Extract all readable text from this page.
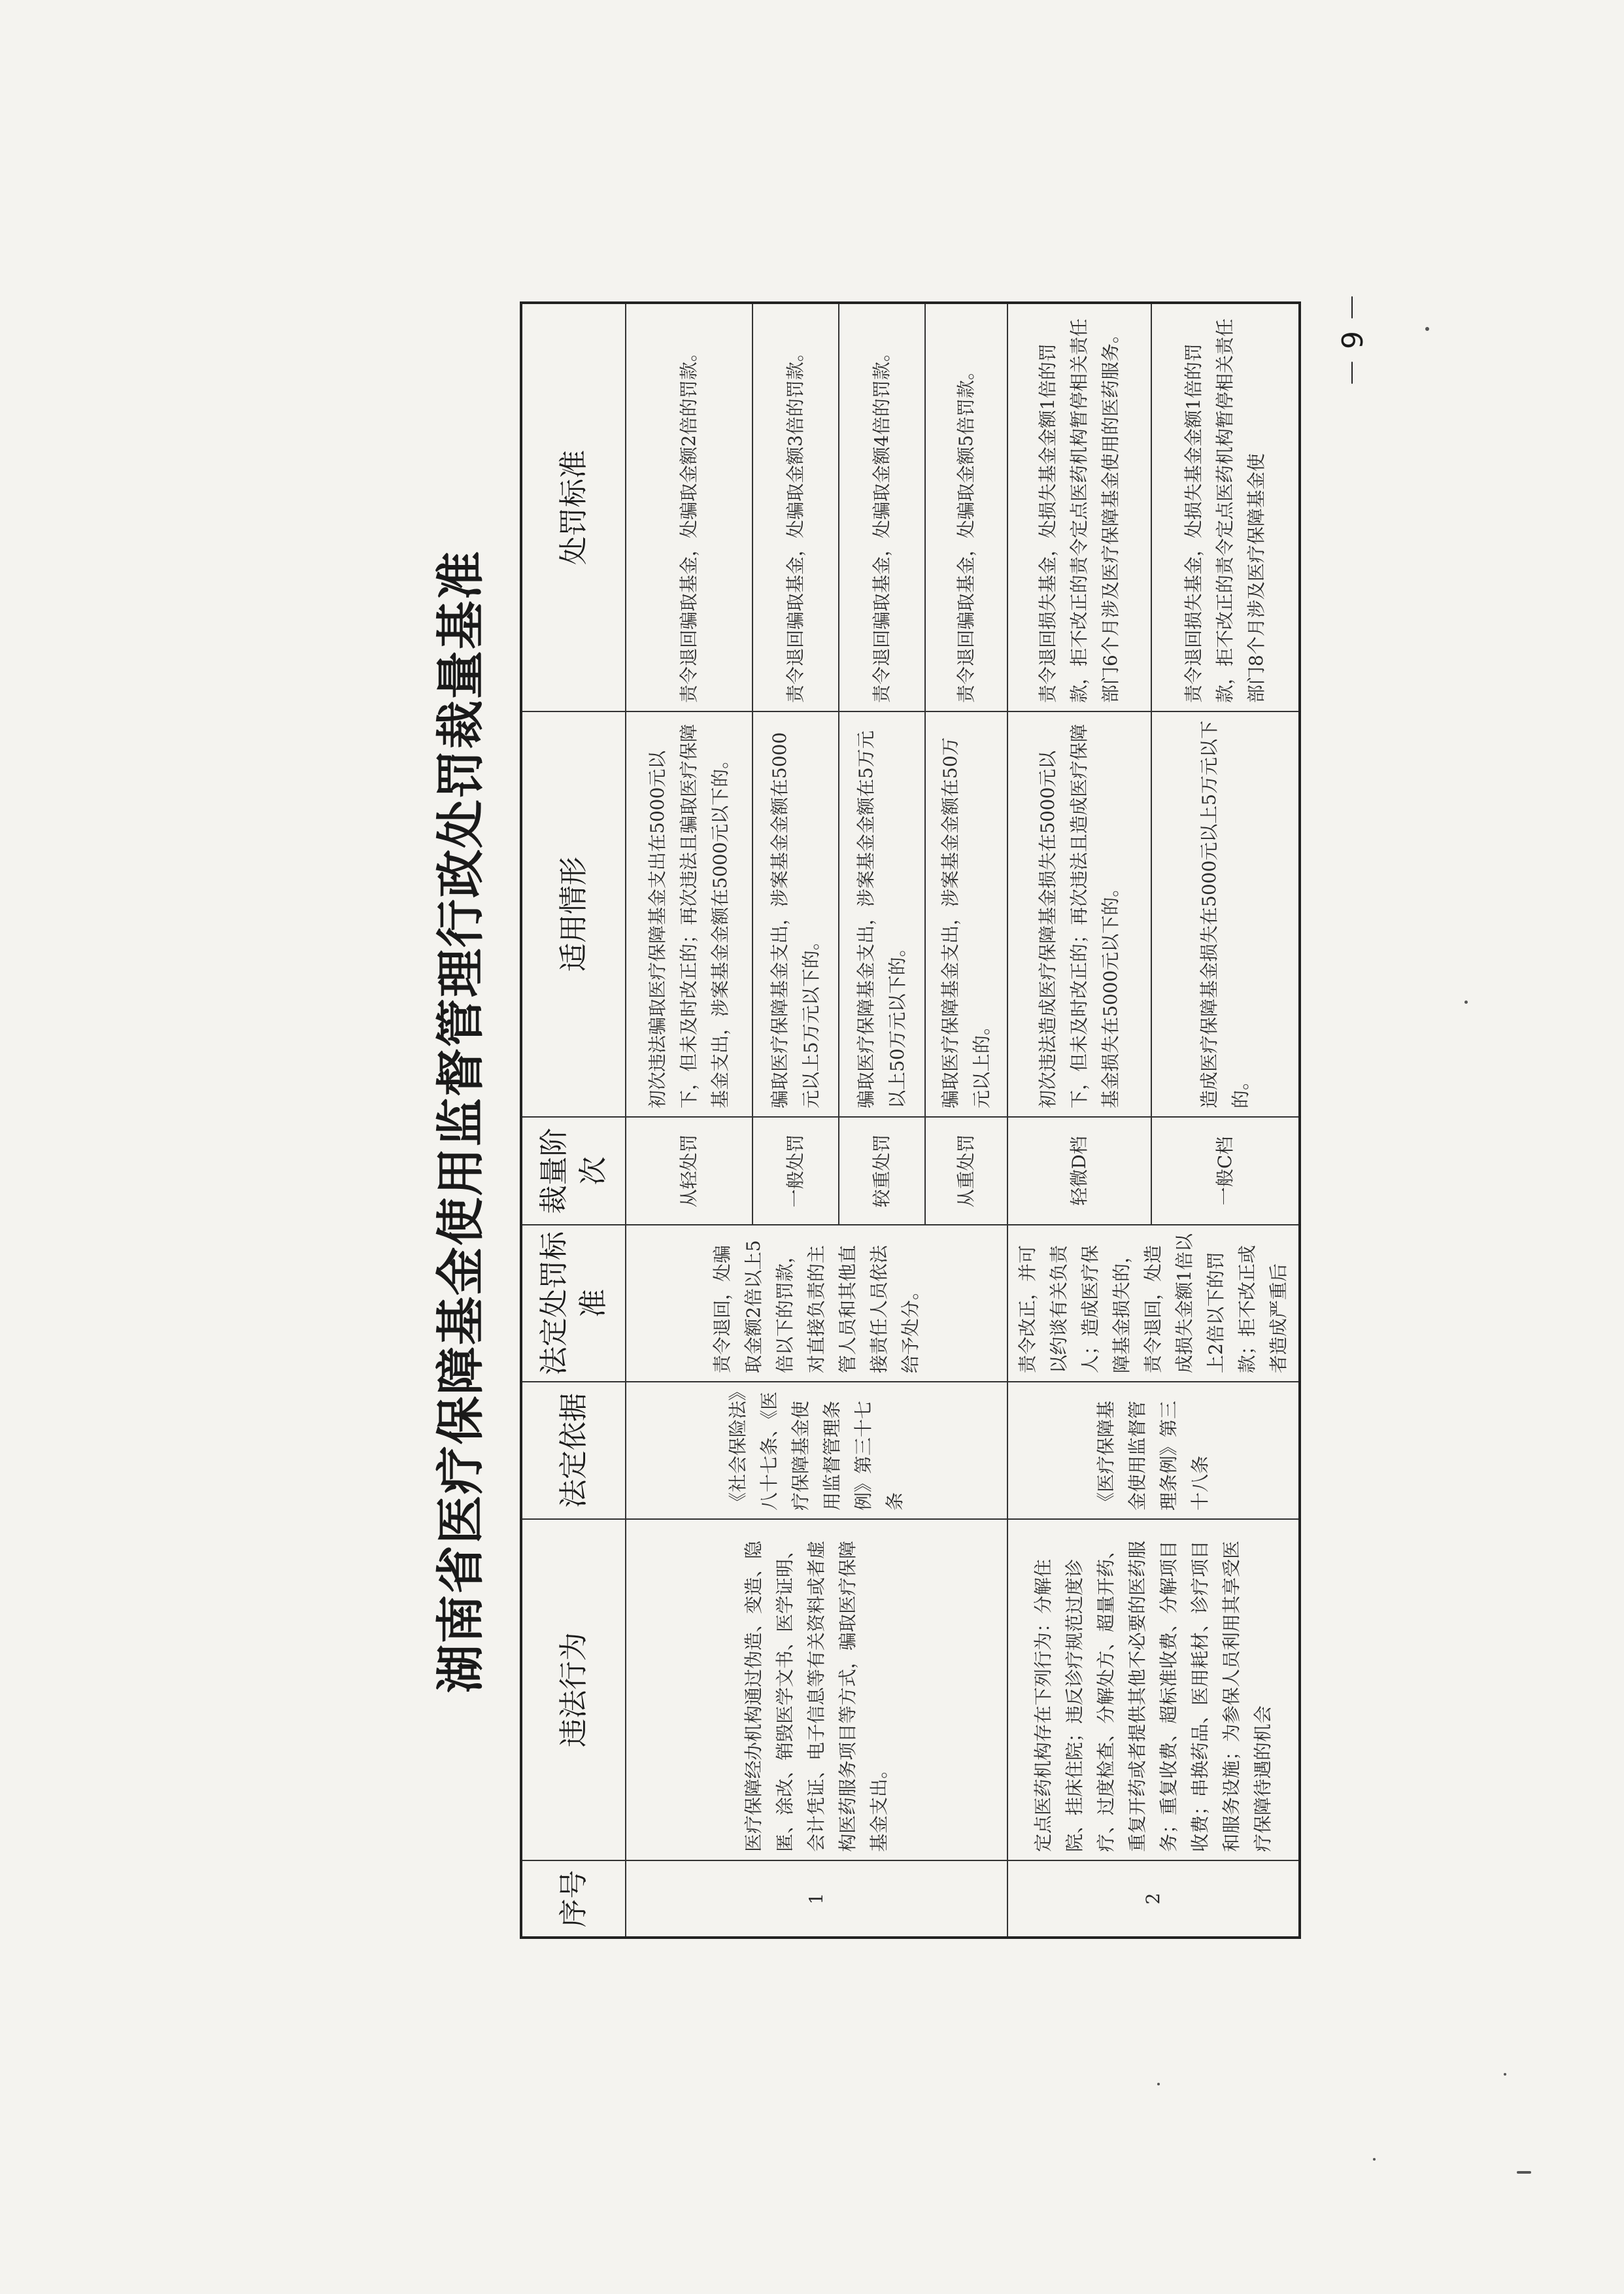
湖南省医疗保障基金使用监督管理行政处罚裁量基准
序号	违法行为	法定依据	法定处罚标准	裁量阶次	适用情形	处罚标准
1	医疗保障经办机构通过伪造、变造、隐匿、涂改、销毁医学文书、医学证明、会计凭证、电子信息等有关资料或者虚构医药服务项目等方式，骗取医疗保障基金支出。	《社会保险法》八十七条、《医疗保障基金使用监督管理条例》第三十七条	责令退回，处骗取金额2倍以上5倍以下的罚款，对直接负责的主管人员和其他直接责任人员依法给予处分。	从轻处罚	初次违法骗取医疗保障基金支出在5000元以下，但未及时改正的；再次违法且骗取医疗保障基金支出，涉案基金金额在5000元以下的。	责令退回骗取基金，处骗取金额2倍的罚款。
				一般处罚	骗取医疗保障基金支出，涉案基金金额在5000元以上5万元以下的。	责令退回骗取基金，处骗取金额3倍的罚款。
				较重处罚	骗取医疗保障基金支出，涉案基金金额在5万元以上50万元以下的。	责令退回骗取基金，处骗取金额4倍的罚款。
				从重处罚	骗取医疗保障基金支出，涉案基金金额在50万元以上的。	责令退回骗取基金，处骗取金额5倍罚款。
2	定点医药机构存在下列行为：分解住院、挂床住院；违反诊疗规范过度诊疗、过度检查、分解处方、超量开药、重复开药或者提供其他不必要的医药服务；重复收费、超标准收费、分解项目收费；串换药品、医用耗材、诊疗项目和服务设施；为参保人员利用其享受医疗保障待遇的机会	《医疗保障基金使用监督管理条例》第三十八条	责令改正，并可以约谈有关负责人；造成医疗保障基金损失的，责令退回，处造成损失金额1倍以上2倍以下的罚款；拒不改正或者造成严重后	轻微D档	初次违法造成医疗保障基金损失在5000元以下，但未及时改正的；再次违法且造成医疗保障基金损失在5000元以下的。	责令退回损失基金，处损失基金金额1倍的罚款，拒不改正的责令定点医药机构暂停相关责任部门6个月涉及医疗保障基金使用的医药服务。
				一般C档	造成医疗保障基金损失在5000元以上5万元以下的。	责令退回损失基金，处损失基金金额1倍的罚款，拒不改正的责令定点医药机构暂停相关责任部门8个月涉及医疗保障基金使
－ 9 －
